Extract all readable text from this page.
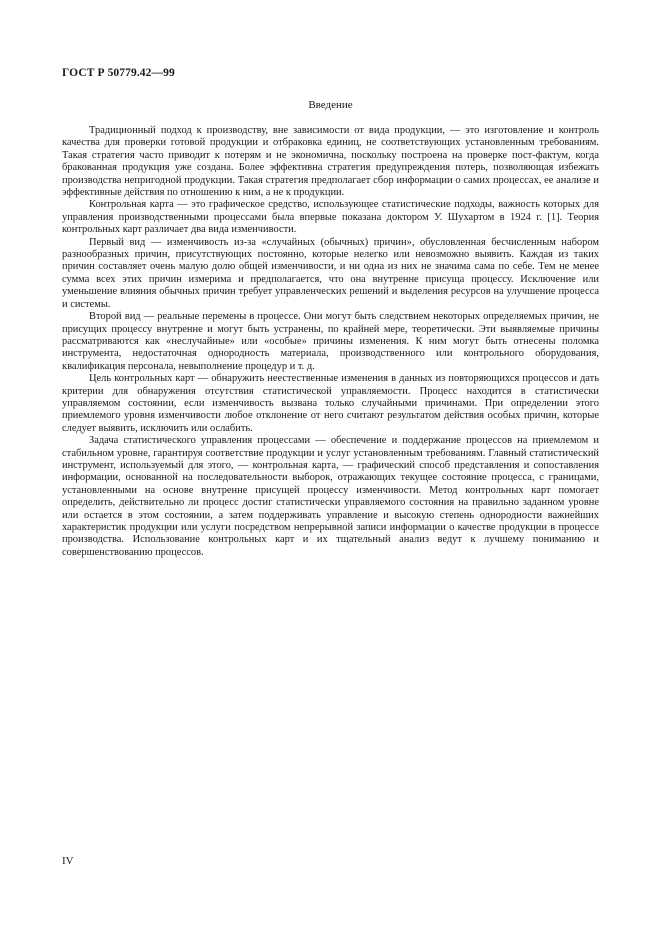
ГОСТ Р 50779.42—99
Введение

Традиционный подход к производству, вне зависимости от вида продукции, — это изготовление и контроль качества для проверки готовой продукции и отбраковка единиц, не соответствующих установленным требованиям. Такая стратегия часто приводит к потерям и не экономична, поскольку построена на проверке пост-фактум, когда бракованная продукция уже создана. Более эффективна стратегия предупреждения потерь, позволяющая избежать производства непригодной продукции. Такая стратегия предполагает сбор информации о самих процессах, ее анализе и эффективные действия по отношению к ним, а не к продукции.

Контрольная карта — это графическое средство, использующее статистические подходы, важность которых для управления производственными процессами была впервые показана доктором У. Шухартом в 1924 г. [1]. Теория контрольных карт различает два вида изменчивости.

Первый вид — изменчивость из-за «случайных (обычных) причин», обусловленная бесчисленным набором разнообразных причин, присутствующих постоянно, которые нелегко или невозможно выявить. Каждая из таких причин составляет очень малую долю общей изменчивости, и ни одна из них не значима сама по себе. Тем не менее сумма всех этих причин измерима и предполагается, что она внутренне присуща процессу. Исключение или уменьшение влияния обычных причин требует управленческих решений и выделения ресурсов на улучшение процесса и системы.

Второй вид — реальные перемены в процессе. Они могут быть следствием некоторых определяемых причин, не присущих процессу внутренне и могут быть устранены, по крайней мере, теоретически. Эти выявляемые причины рассматриваются как «неслучайные» или «особые» причины изменения. К ним могут быть отнесены поломка инструмента, недостаточная однородность материала, производственного или контрольного оборудования, квалификация персонала, невыполнение процедур и т. д.

Цель контрольных карт — обнаружить неестественные изменения в данных из повторяющихся процессов и дать критерии для обнаружения отсутствия статистической управляемости. Процесс находится в статистически управляемом состоянии, если изменчивость вызвана только случайными причинами. При определении этого приемлемого уровня изменчивости любое отклонение от него считают результатом действия особых причин, которые следует выявить, исключить или ослабить.

Задача статистического управления процессами — обеспечение и поддержание процессов на приемлемом и стабильном уровне, гарантируя соответствие продукции и услуг установленным требованиям. Главный статистический инструмент, используемый для этого, — контрольная карта, — графический способ представления и сопоставления информации, основанной на последовательности выборок, отражающих текущее состояние процесса, с границами, установленными на основе внутренне присущей процессу изменчивости. Метод контрольных карт помогает определить, действительно ли процесс достиг статистически управляемого состояния на правильно заданном уровне или остается в этом состоянии, а затем поддерживать управление и высокую степень однородности важнейших характеристик продукции или услуги посредством непрерывной записи информации о качестве продукции в процессе производства. Использование контрольных карт и их тщательный анализ ведут к лучшему пониманию и совершенствованию процессов.

IV
